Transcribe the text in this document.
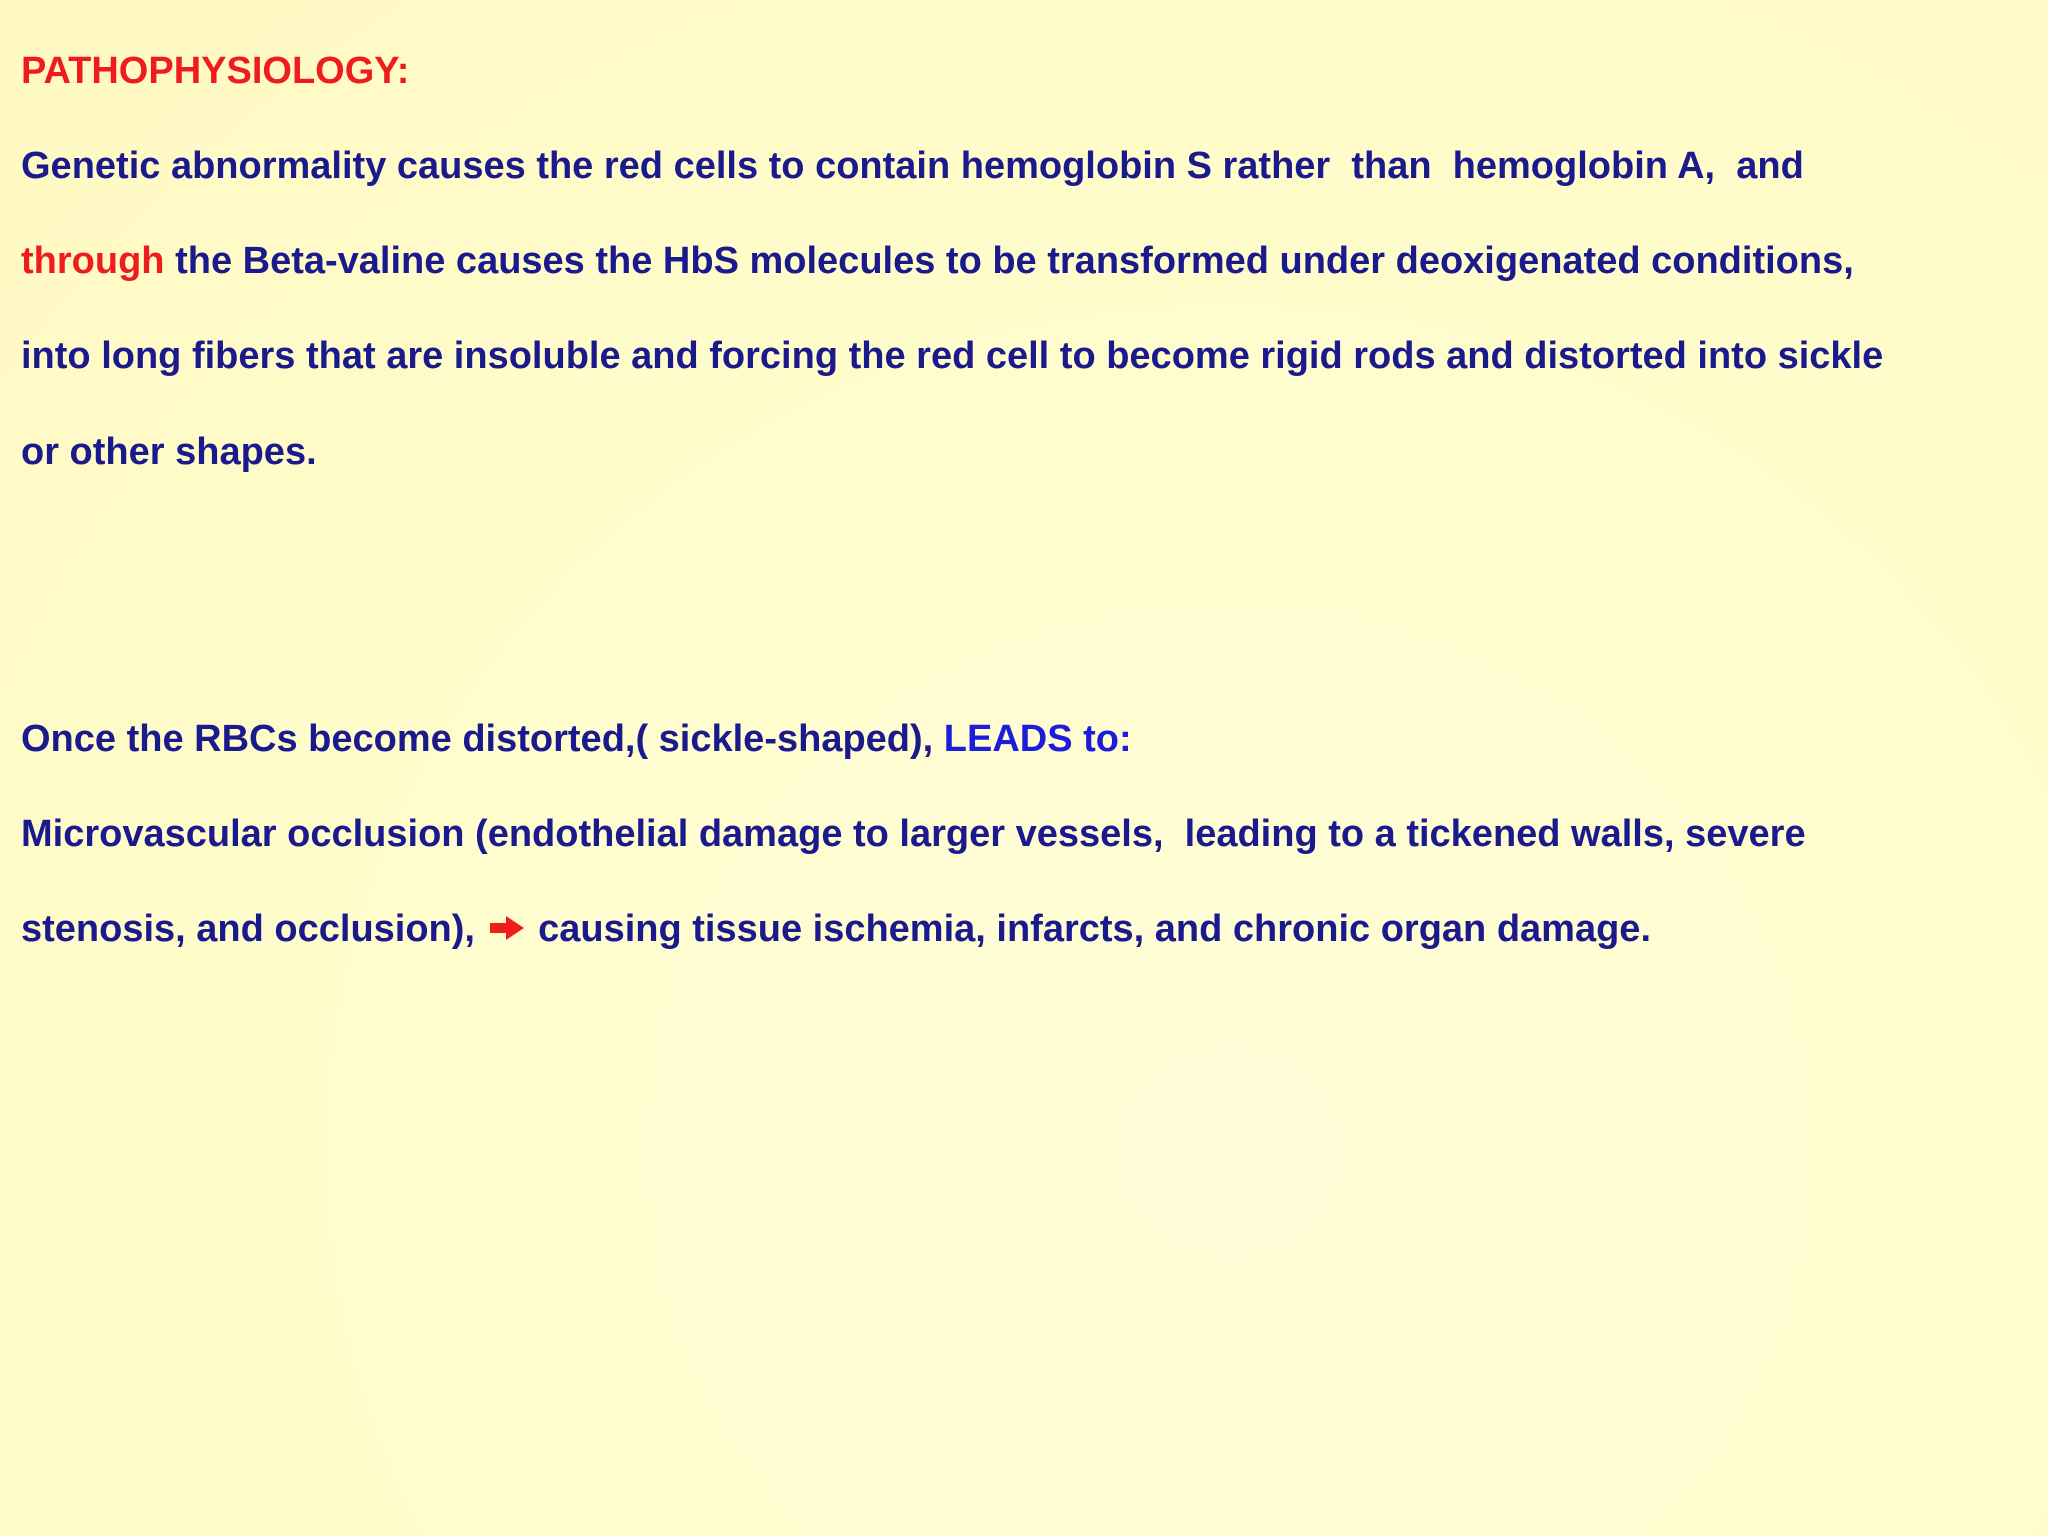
PATHOPHYSIOLOGY:
Genetic abnormality causes the red cells to contain hemoglobin S rather  than  hemoglobin A,  and
through the Beta-valine causes the HbS molecules to be transformed under deoxigenated conditions,
into long fibers that are insoluble and forcing the red cell to become rigid rods and distorted into sickle
or other shapes.
Once the RBCs become distorted,( sickle-shaped), LEADS to:
Microvascular occlusion (endothelial damage to larger vessels,  leading to a tickened walls, severe
stenosis, and occlusion),  causing tissue ischemia, infarcts, and chronic organ damage.
